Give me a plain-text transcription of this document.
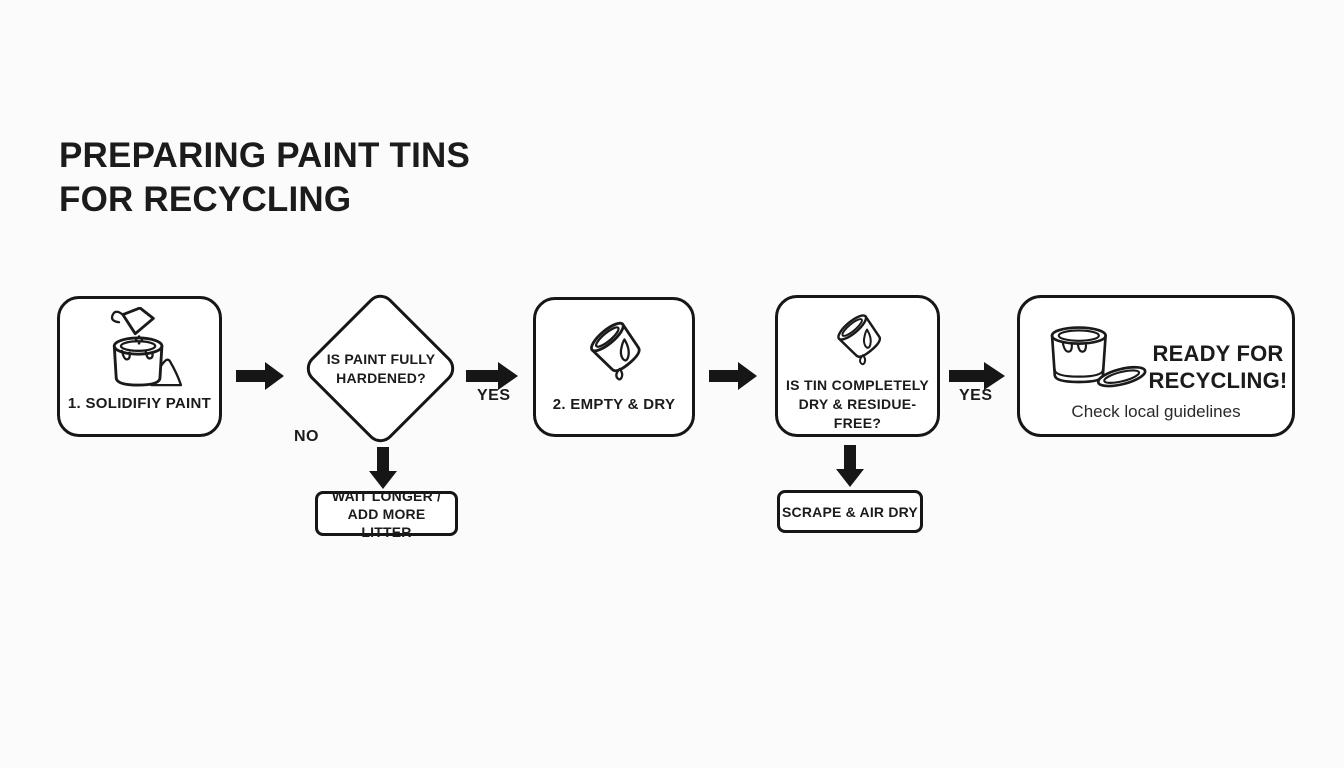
PREPARING PAINT TINS
FOR RECYCLING
1. SOLIDIFIY PAINT
IS PAINT FULLY HARDENED?
NO
WAIT LONGER / ADD MORE LITTER
YES
2. EMPTY & DRY
IS TIN COMPLETELY DRY & RESIDUE-FREE?
SCRAPE & AIR DRY
YES
READY FOR RECYCLING!
Check local guidelines
